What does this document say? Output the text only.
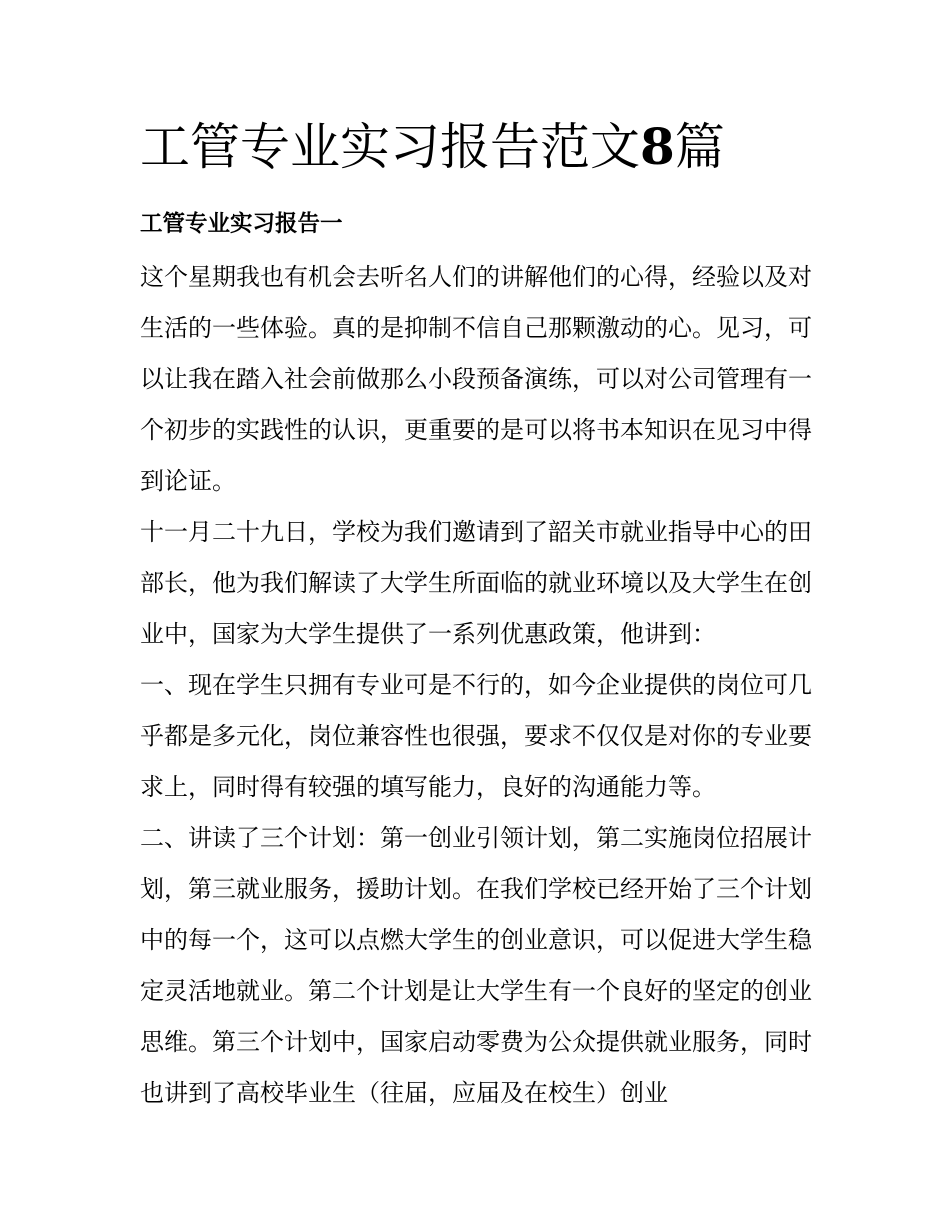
工管专业实习报告范文8篇
工管专业实习报告一

这个星期我也有机会去听名人们的讲解他们的心得，经验以及对生活的一些体验。真的是抑制不信自己那颗激动的心。见习，可以让我在踏入社会前做那么小段预备演练，可以对公司管理有一个初步的实践性的认识，更重要的是可以将书本知识在见习中得到论证。

十一月二十九日，学校为我们邀请到了韶关市就业指导中心的田部长，他为我们解读了大学生所面临的就业环境以及大学生在创业中，国家为大学生提供了一系列优惠政策，他讲到：

一、现在学生只拥有专业可是不行的，如今企业提供的岗位可几乎都是多元化，岗位兼容性也很强，要求不仅仅是对你的专业要求上，同时得有较强的填写能力，良好的沟通能力等。

二、讲读了三个计划：第一创业引领计划，第二实施岗位招展计划，第三就业服务，援助计划。在我们学校已经开始了三个计划中的每一个，这可以点燃大学生的创业意识，可以促进大学生稳定灵活地就业。第二个计划是让大学生有一个良好的坚定的创业思维。第三个计划中，国家启动零费为公众提供就业服务，同时也讲到了高校毕业生（往届，应届及在校生）创业
